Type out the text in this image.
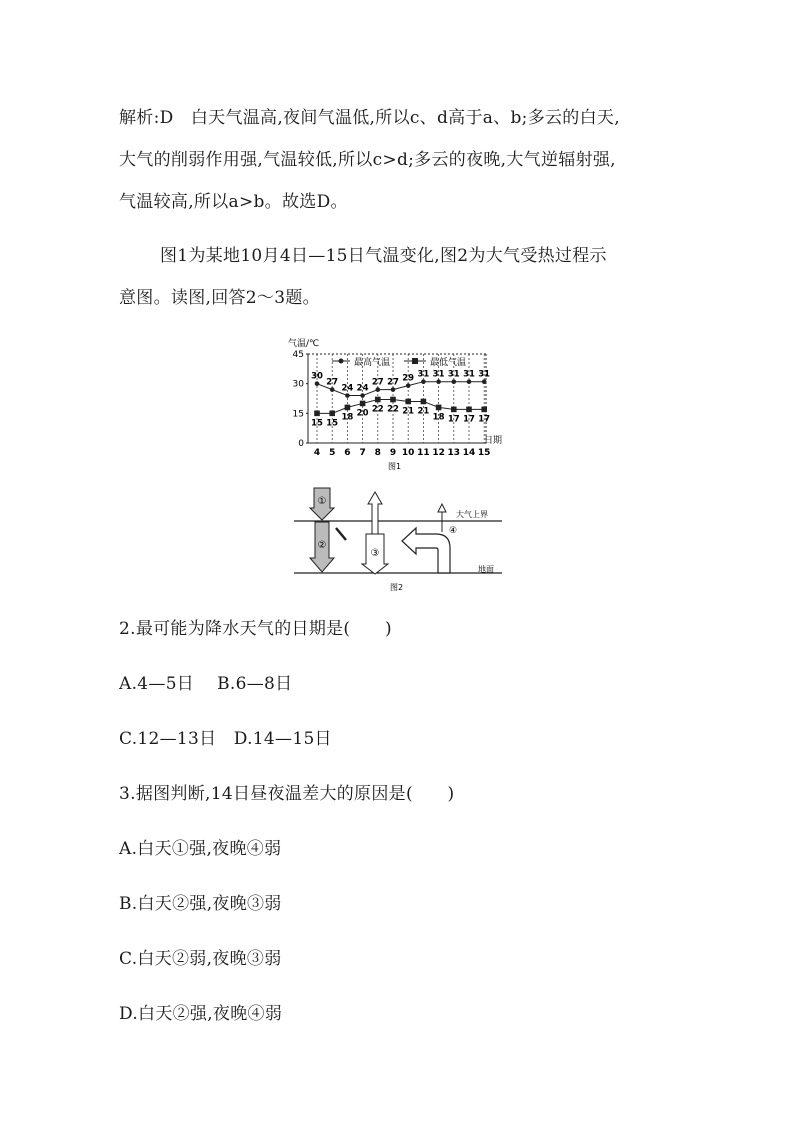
解析:D　白天气温高,夜间气温低,所以c、d高于a、b;多云的白天,
大气的削弱作用强,气温较低,所以c>d;多云的夜晚,大气逆辐射强,
气温较高,所以a>b。故选D。
图1为某地10月4日—15日气温变化,图2为大气受热过程示
意图。读图,回答2～3题。
气温/℃
0
15
30
45
4 5 6 7 8 9 10 11 12 13 14 15
日期
最高气温	最低气温
30
27
24 24
27 27 29 31 31 31 31 31
15 15
18 20 22 22 21 21
18 17 17 17
图1
大气上界
地面
①
②
③
④
图2
2.最可能为降水天气的日期是(　　)
A.4—5日　 B.6—8日
C.12—13日　D.14—15日
3.据图判断,14日昼夜温差大的原因是(　　)
A.白天①强,夜晚④弱
B.白天②强,夜晚③弱
C.白天②弱,夜晚③弱
D.白天②强,夜晚④弱
